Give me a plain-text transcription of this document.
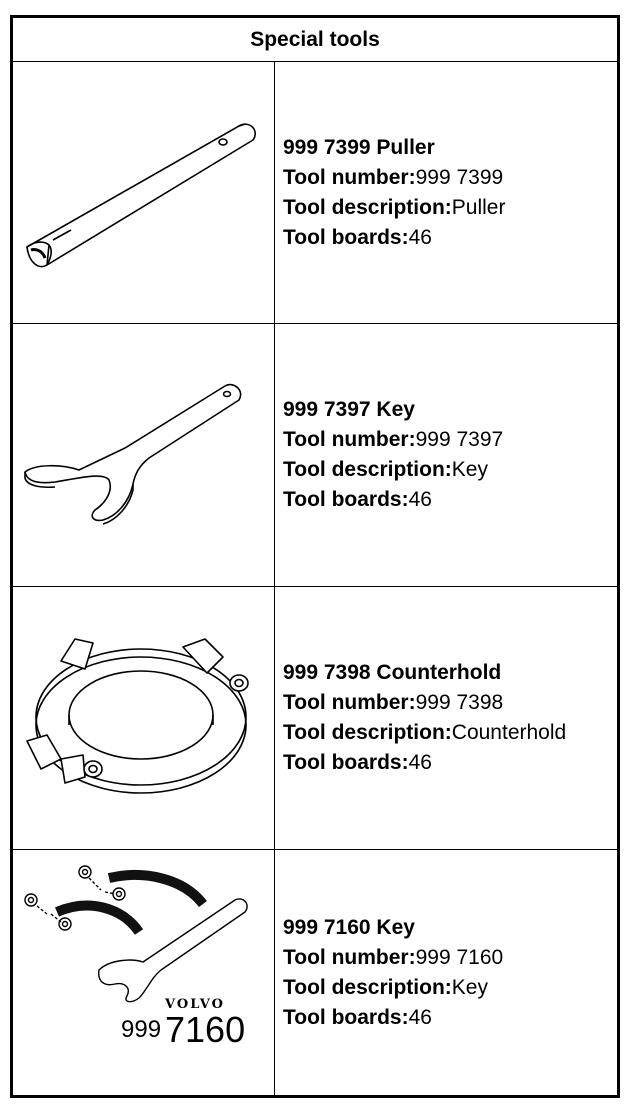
Special tools
999 7399 Puller
Tool number:999 7399
Tool description:Puller
Tool boards:46
999 7397 Key
Tool number:999 7397
Tool description:Key
Tool boards:46
999 7398 Counterhold
Tool number:999 7398
Tool description:Counterhold
Tool boards:46
VOLVO
999 7160
999 7160 Key
Tool number:999 7160
Tool description:Key
Tool boards:46
